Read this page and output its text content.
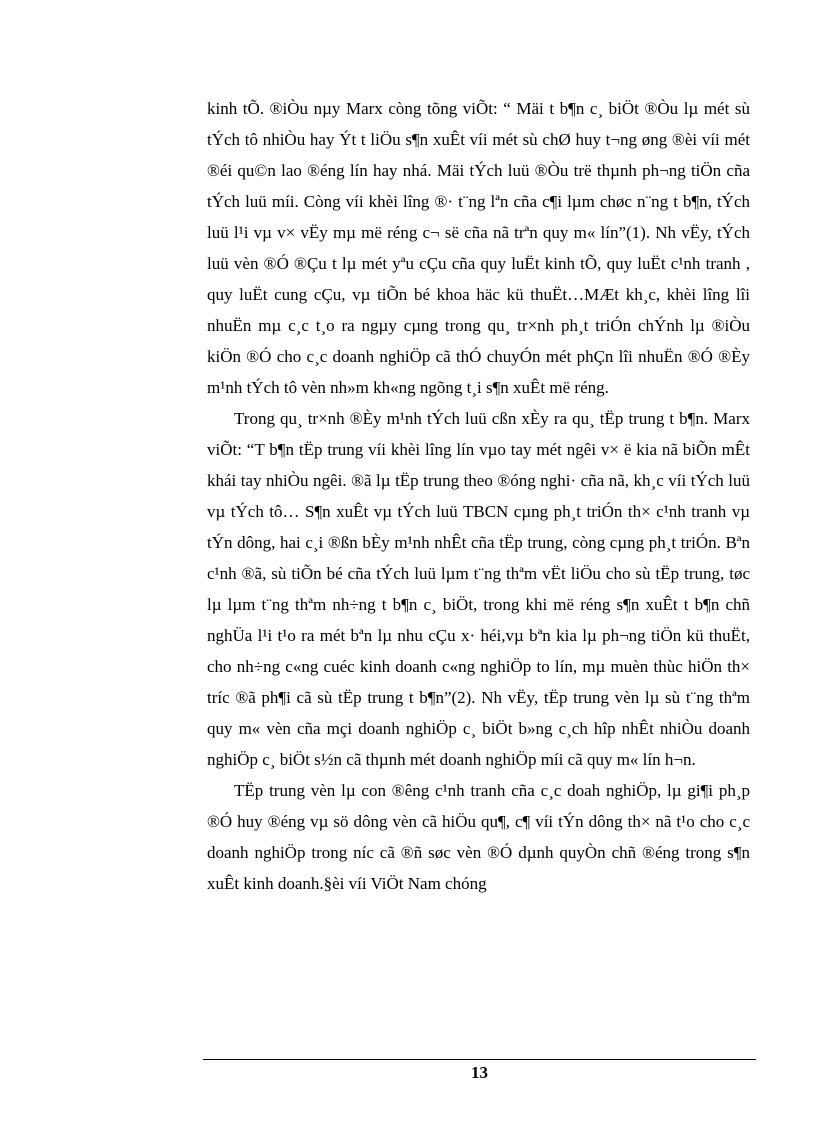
kinh tÕ. ®iÒu nµy Marx còng tõng viÕt: “ Mäi t b¶n c¸ biÖt ®Òu lµ mét sù tÝch tô nhiÒu hay Ýt t liÖu s¶n xuÊt víi mét sù chØ huy t¬ng øng ®èi víi mét ®éi qu©n lao ®éng lín hay nhá. Mäi tÝch luü ®Òu trë thµnh ph¬ng tiÖn cña tÝch luü míi. Còng víi khèi lîng ®· t¨ng lªn cña c¶i lµm chøc n¨ng t b¶n, tÝch luü l¹i vµ v× vËy mµ më réng c¬ së cña nã trªn quy m« lín”(1). Nh vËy, tÝch luü vèn ®Ó ®Çu t lµ mét yªu cÇu cña quy luËt kinh tÕ, quy luËt c¹nh tranh , quy luËt cung cÇu, vµ tiÕn bé khoa häc kü thuËt…MÆt kh¸c, khèi lîng lîi nhuËn mµ c¸c t¸o ra ngµy cµng trong qu¸ tr×nh ph¸t triÓn chÝnh lµ ®iÒu kiÖn ®Ó cho c¸c doanh nghiÖp cã thÓ chuyÓn mét phÇn lîi nhuËn ®Ó ®Èy m¹nh tÝch tô vèn nh»m kh«ng ngõng t¸i s¶n xuÊt më réng.

Trong qu¸ tr×nh ®Èy m¹nh tÝch luü cßn xÈy ra qu¸ tËp trung t b¶n. Marx viÕt: “T b¶n tËp trung víi khèi lîng lín vµo tay mét ngêi v× ë kia nã biÕn mÊt khái tay nhiÒu ngêi. ®ã lµ tËp trung theo ®óng nghi· cña nã, kh¸c víi tÝch luü vµ tÝch tô… S¶n xuÊt vµ tÝch luü TBCN cµng ph¸t triÓn th× c¹nh tranh vµ tÝn dông, hai c¸i ®ßn bÈy m¹nh nhÊt cña tËp trung, còng cµng ph¸t triÓn. Bªn c¹nh ®ã, sù tiÕn bé cña tÝch luü lµm t¨ng thªm vËt liÖu cho sù tËp trung, tøc lµ lµm t¨ng thªm nh÷ng t b¶n c¸ biÖt, trong khi më réng s¶n xuÊt t b¶n chñ nghÜa l¹i t¹o ra mét bªn lµ nhu cÇu x· héi,vµ bªn kia lµ ph¬ng tiÖn kü thuËt, cho nh÷ng c«ng cuéc kinh doanh c«ng nghiÖp to lín, mµ muèn thùc hiÖn th× tríc ®ã ph¶i cã sù tËp trung t b¶n”(2). Nh vËy, tËp trung vèn lµ sù t¨ng thªm quy m« vèn cña mçi doanh nghiÖp c¸ biÖt b»ng c¸ch hîp nhÊt nhiÒu doanh nghiÖp c¸ biÖt s½n cã thµnh mét doanh nghiÖp míi cã quy m« lín h¬n.

TËp trung vèn lµ con ®êng c¹nh tranh cña c¸c doah nghiÖp, lµ gi¶i ph¸p ®Ó huy ®éng vµ sö dông vèn cã hiÖu qu¶, c¶ víi tÝn dông th× nã t¹o cho c¸c doanh nghiÖp trong níc cã ®ñ søc vèn ®Ó dµnh quyÒn chñ ®éng trong s¶n xuÊt kinh doanh.§èi víi ViÖt Nam chóng

13
